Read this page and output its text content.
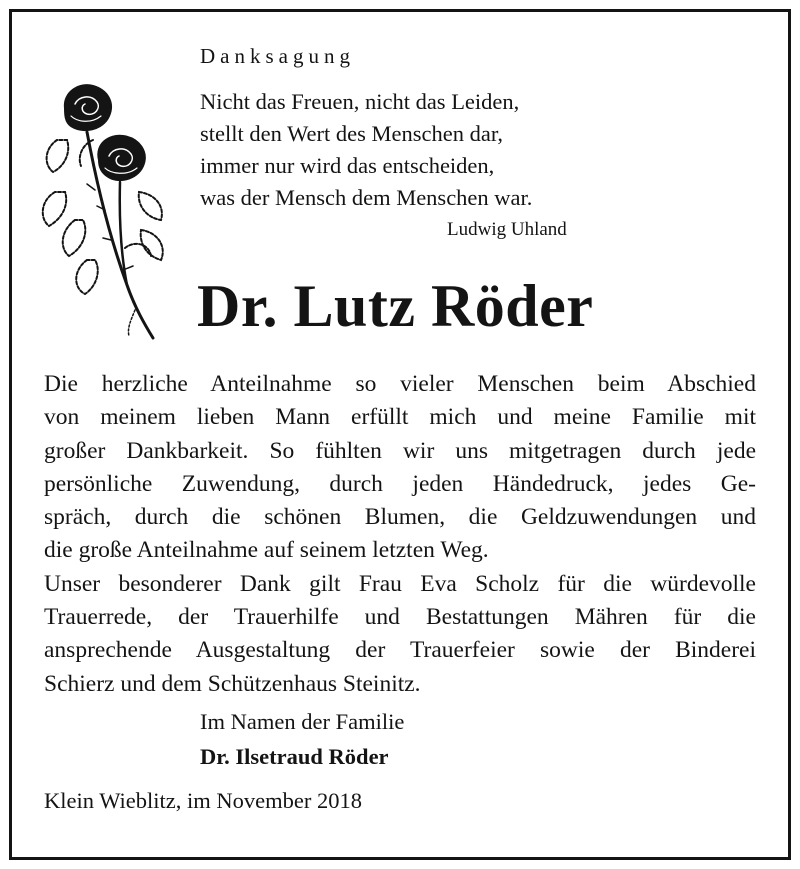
Danksagung
Nicht das Freuen, nicht das Leiden,
stellt den Wert des Menschen dar,
immer nur wird das entscheiden,
was der Mensch dem Menschen war.
Ludwig Uhland
Dr. Lutz Röder
Die herzliche Anteilnahme so vieler Menschen beim Abschied
von meinem lieben Mann erfüllt mich und meine Familie mit
großer Dankbarkeit. So fühlten wir uns mitgetragen durch jede
persönliche Zuwendung, durch jeden Händedruck, jedes Ge-
spräch, durch die schönen Blumen, die Geldzuwendungen und
die große Anteilnahme auf seinem letzten Weg.
Unser besonderer Dank gilt Frau Eva Scholz für die würdevolle
Trauerrede, der Trauerhilfe und Bestattungen Mähren für die
ansprechende Ausgestaltung der Trauerfeier sowie der Binderei
Schierz und dem Schützenhaus Steinitz.
Im Namen der Familie
Dr. Ilsetraud Röder
Klein Wieblitz, im November 2018
